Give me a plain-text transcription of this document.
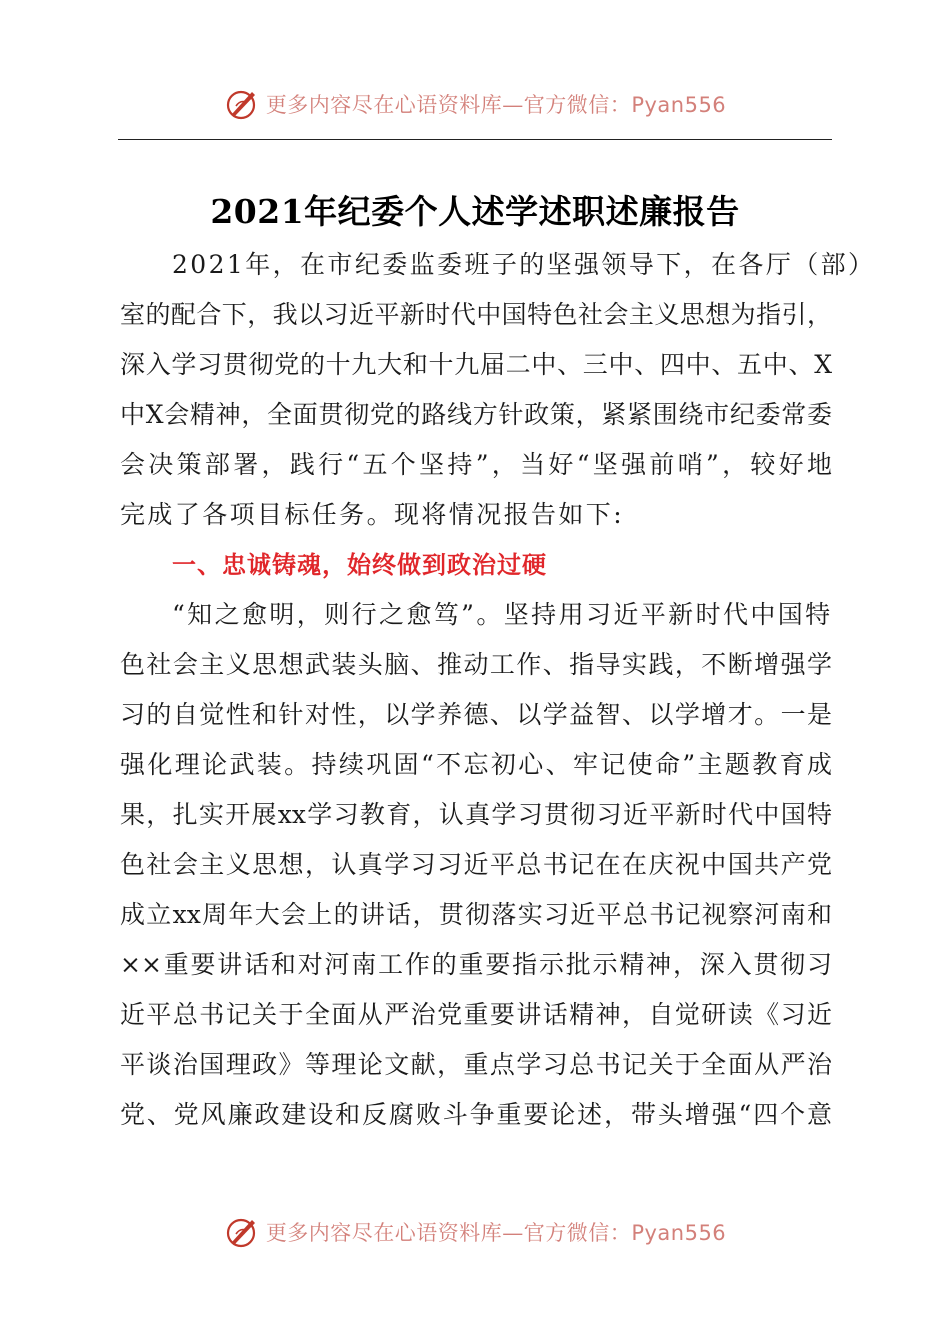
更多内容尽在心语资料库—官方微信：Pyan556
2021年纪委个人述学述职述廉报告
2021年，在市纪委监委班子的坚强领导下，在各厅（部）
室的配合下，我以习近平新时代中国特色社会主义思想为指引，
深入学习贯彻党的十九大和十九届二中、三中、四中、五中、X
中X会精神，全面贯彻党的路线方针政策，紧紧围绕市纪委常委
会决策部署，践行“五个坚持”，当好“坚强前哨”，较好地
完成了各项目标任务。现将情况报告如下:
一、忠诚铸魂，始终做到政治过硬
“知之愈明，则行之愈笃”。坚持用习近平新时代中国特
色社会主义思想武装头脑、推动工作、指导实践，不断增强学
习的自觉性和针对性，以学养德、以学益智、以学增才。一是
强化理论武装。持续巩固“不忘初心、牢记使命”主题教育成
果，扎实开展xx学习教育，认真学习贯彻习近平新时代中国特
色社会主义思想，认真学习习近平总书记在在庆祝中国共产党
成立xx周年大会上的讲话，贯彻落实习近平总书记视察河南和
××重要讲话和对河南工作的重要指示批示精神，深入贯彻习
近平总书记关于全面从严治党重要讲话精神，自觉研读《习近
平谈治国理政》等理论文献，重点学习总书记关于全面从严治
党、党风廉政建设和反腐败斗争重要论述，带头增强“四个意
更多内容尽在心语资料库—官方微信：Pyan556
